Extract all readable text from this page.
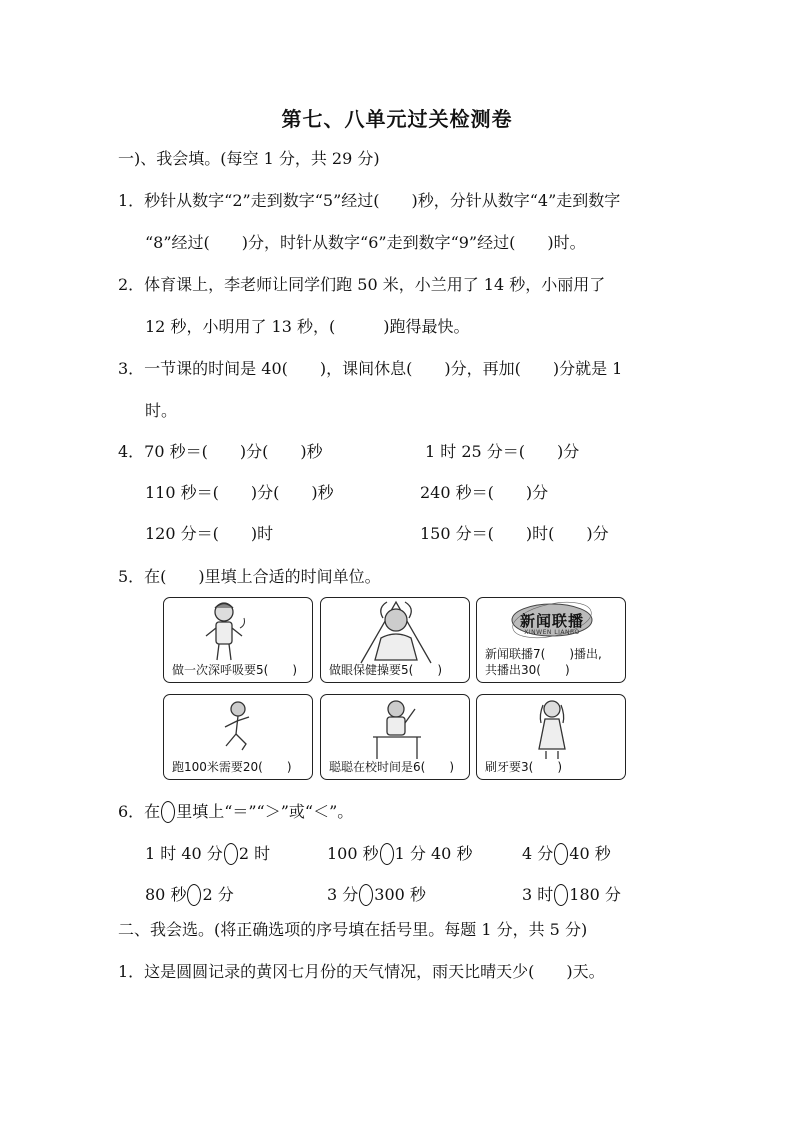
第七、八单元过关检测卷
一)、我会填。(每空 1 分，共 29 分)
1．秒针从数字“2”走到数字“5”经过(　　)秒，分针从数字“4”走到数字
“8”经过(　　)分，时针从数字“6”走到数字“9”经过(　　)时。
2．体育课上，李老师让同学们跑 50 米，小兰用了 14 秒，小丽用了
12 秒，小明用了 13 秒，(　　　)跑得最快。
3．一节课的时间是 40(　　)，课间休息(　　)分，再加(　　)分就是 1
时。
4．70 秒＝(　　)分(　　)秒	1 时 25 分＝(　　)分
110 秒＝(　　)分(　　)秒	240 秒＝(　　)分
120 分＝(　　)时	150 分＝(　　)时(　　)分
5．在(　　)里填上合适的时间单位。
做一次深呼吸要5(　　)	做眼保健操要5(　　)
新闻联播
XINWEN LIANBO
新闻联播7(　　)播出,
共播出30(　　)
跑100米需要20(　　)	聪聪在校时间是6(　　)	刷牙要3(　　)
6．在 里填上“＝”“＞”或“＜”。
1 时 40 分 2 时	100 秒 1 分 40 秒	4 分 40 秒
80 秒 2 分	3 分 300 秒	3 时 180 分
二、我会选。(将正确选项的序号填在括号里。每题 1 分，共 5 分)
1．这是圆圆记录的黄冈七月份的天气情况，雨天比晴天少(　　)天。
